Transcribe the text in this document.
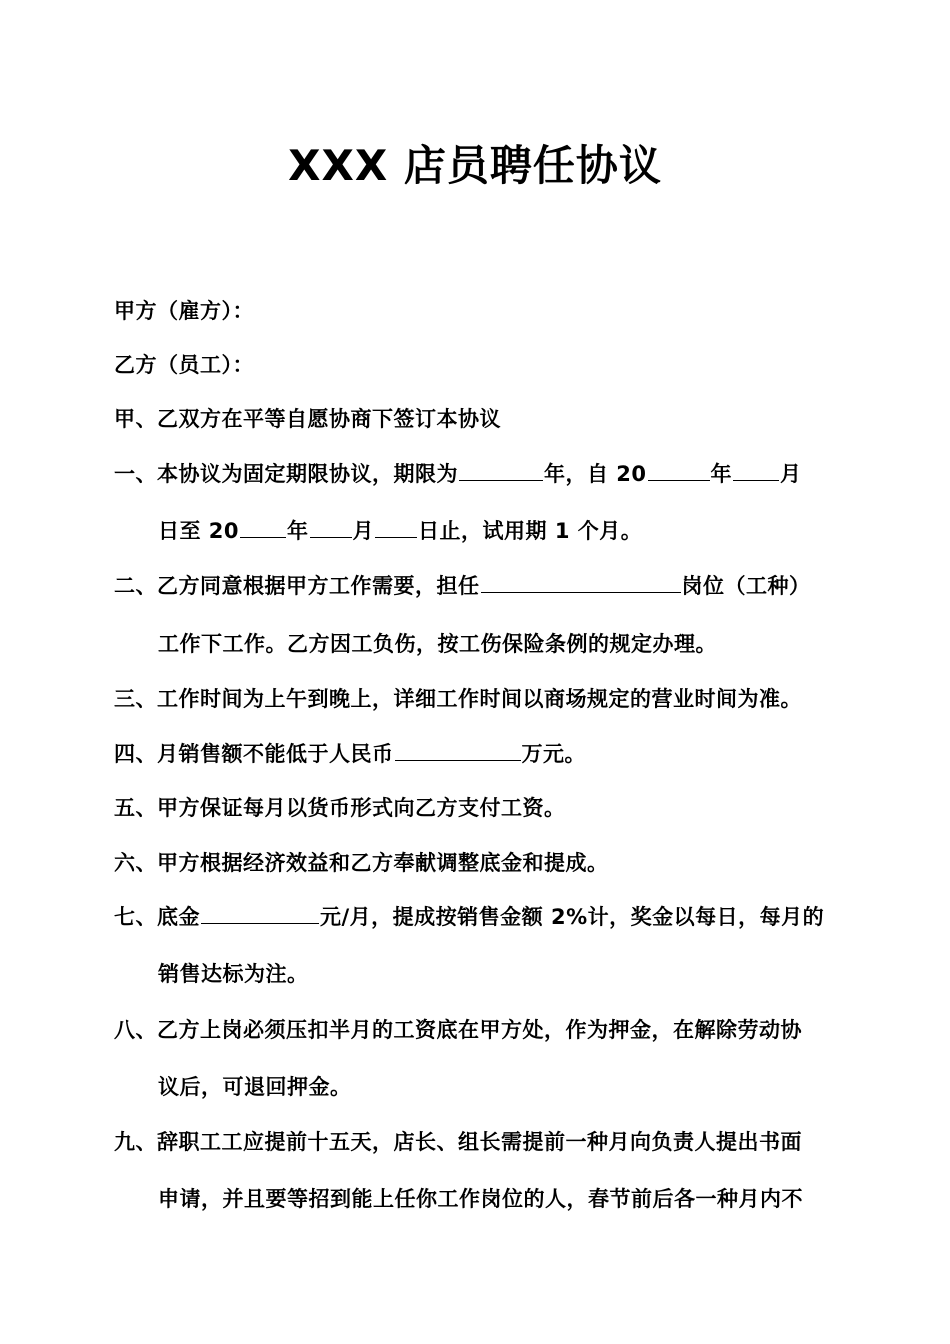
XXX 店员聘任协议
甲方（雇方）：
乙方（员工）：
甲、乙双方在平等自愿协商下签订本协议
一、本协议为固定期限协议，期限为	年，自 20	年 月
日至 20 年 月 日止，试用期 1 个月。
二、乙方同意根据甲方工作需要，担任	岗位（工种）
工作下工作。乙方因工负伤，按工伤保险条例的规定办理。
三、工作时间为上午到晚上，详细工作时间以商场规定的营业时间为准。
四、月销售额不能低于人民币	万元。
五、甲方保证每月以货币形式向乙方支付工资。
六、甲方根据经济效益和乙方奉献调整底金和提成。
七、底金	元/月，提成按销售金额 2%计，奖金以每日，每月的
销售达标为注。
八、乙方上岗必须压扣半月的工资底在甲方处，作为押金，在解除劳动协
议后，可退回押金。
九、辞职工工应提前十五天，店长、组长需提前一种月向负责人提出书面
申请，并且要等招到能上任你工作岗位的人，春节前后各一种月内不
